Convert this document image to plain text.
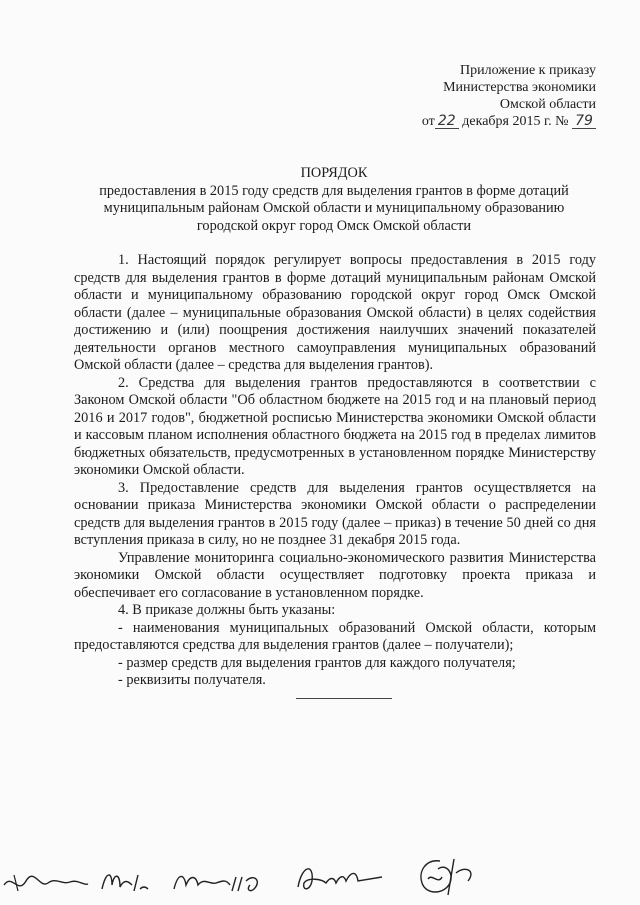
Приложение к приказу
Министерства экономики
Омской области
от 22 декабря 2015 г. № 79
ПОРЯДОК
предоставления в 2015 году средств для выделения грантов в форме дотаций
муниципальным районам Омской области и муниципальному образованию
городской округ город Омск Омской области

1. Настоящий порядок регулирует вопросы предоставления в 2015 году средств для выделения грантов в форме дотаций муниципальным районам Омской области и муниципальному образованию городской округ город Омск Омской области (далее – муниципальные образования Омской области) в целях содействия достижению и (или) поощрения достижения наилучших значений показателей деятельности органов местного самоуправления муниципальных образований Омской области (далее – средства для выделения грантов).

2. Средства для выделения грантов предоставляются в соответствии с Законом Омской области "Об областном бюджете на 2015 год и на плановый период 2016 и 2017 годов", бюджетной росписью Министерства экономики Омской области и кассовым планом исполнения областного бюджета на 2015 год в пределах лимитов бюджетных обязательств, предусмотренных в установленном порядке Министерству экономики Омской области.

3. Предоставление средств для выделения грантов осуществляется на основании приказа Министерства экономики Омской области о распределении средств для выделения грантов в 2015 году (далее – приказ) в течение 50 дней со дня вступления приказа в силу, но не позднее 31 декабря 2015 года.

Управление мониторинга социально-экономического развития Министерства экономики Омской области осуществляет подготовку проекта приказа и обеспечивает его согласование в установленном порядке.

4. В приказе должны быть указаны:

- наименования муниципальных образований Омской области, которым предоставляются средства для выделения грантов (далее – получатели);

- размер средств для выделения грантов для каждого получателя;

- реквизиты получателя.
